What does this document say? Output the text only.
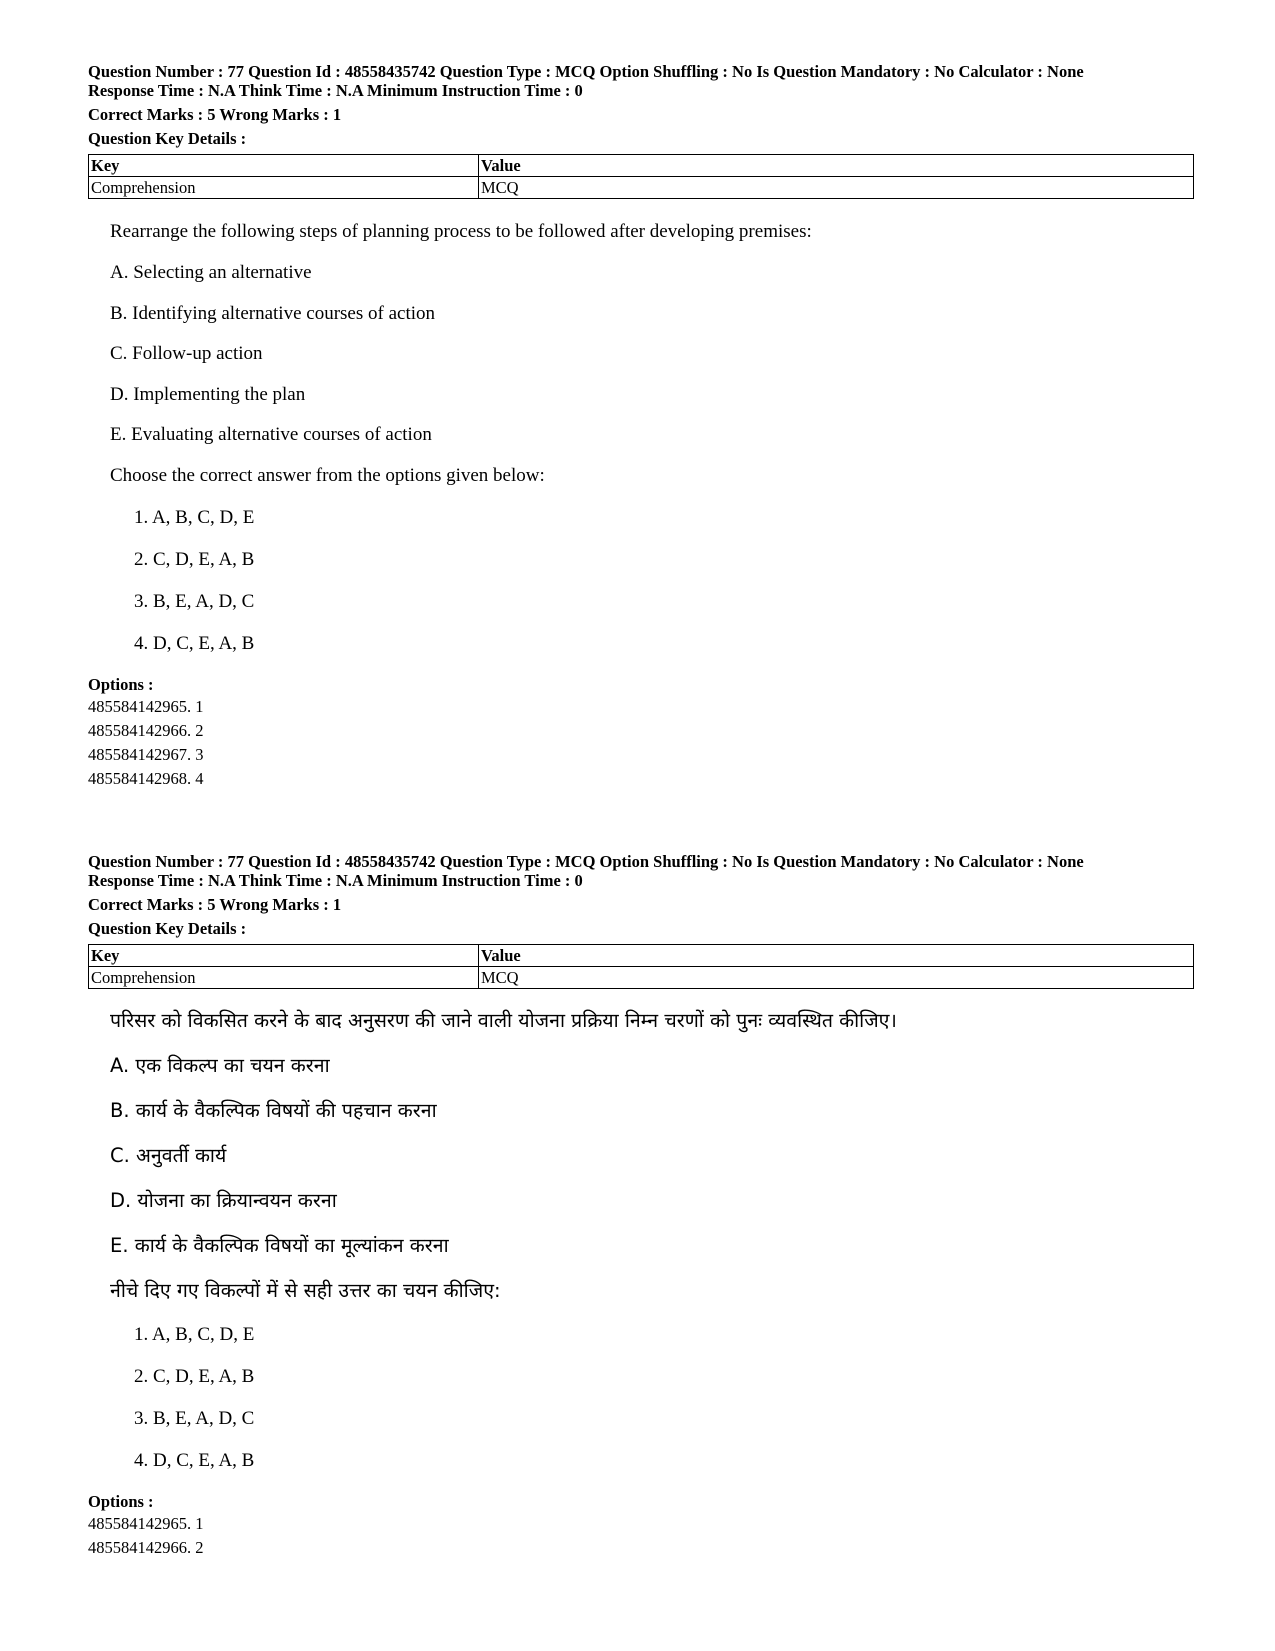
Question Number : 77 Question Id : 48558435742 Question Type : MCQ Option Shuffling : No Is Question Mandatory : No Calculator : None
Response Time : N.A Think Time : N.A Minimum Instruction Time : 0
Correct Marks : 5 Wrong Marks : 1
Question Key Details :
Key	Value
Comprehension	MCQ
Rearrange the following steps of planning process to be followed after developing premises:
A. Selecting an alternative
B. Identifying alternative courses of action
C. Follow-up action
D. Implementing the plan
E. Evaluating alternative courses of action
Choose the correct answer from the options given below:
1. A, B, C, D, E
2. C, D, E, A, B
3. B, E, A, D, C
4. D, C, E, A, B
Options :
485584142965. 1
485584142966. 2
485584142967. 3
485584142968. 4
Question Number : 77 Question Id : 48558435742 Question Type : MCQ Option Shuffling : No Is Question Mandatory : No Calculator : None
Response Time : N.A Think Time : N.A Minimum Instruction Time : 0
Correct Marks : 5 Wrong Marks : 1
Question Key Details :
Key	Value
Comprehension	MCQ
परिसर को विकसित करने के बाद अनुसरण की जाने वाली योजना प्रक्रिया निम्न चरणों को पुनः व्यवस्थित कीजिए।
A. एक विकल्प का चयन करना
B. कार्य के वैकल्पिक विषयों की पहचान करना
C. अनुवर्ती कार्य
D. योजना का क्रियान्वयन करना
E. कार्य के वैकल्पिक विषयों का मूल्यांकन करना
नीचे दिए गए विकल्पों में से सही उत्तर का चयन कीजिए:
1. A, B, C, D, E
2. C, D, E, A, B
3. B, E, A, D, C
4. D, C, E, A, B
Options :
485584142965. 1
485584142966. 2
